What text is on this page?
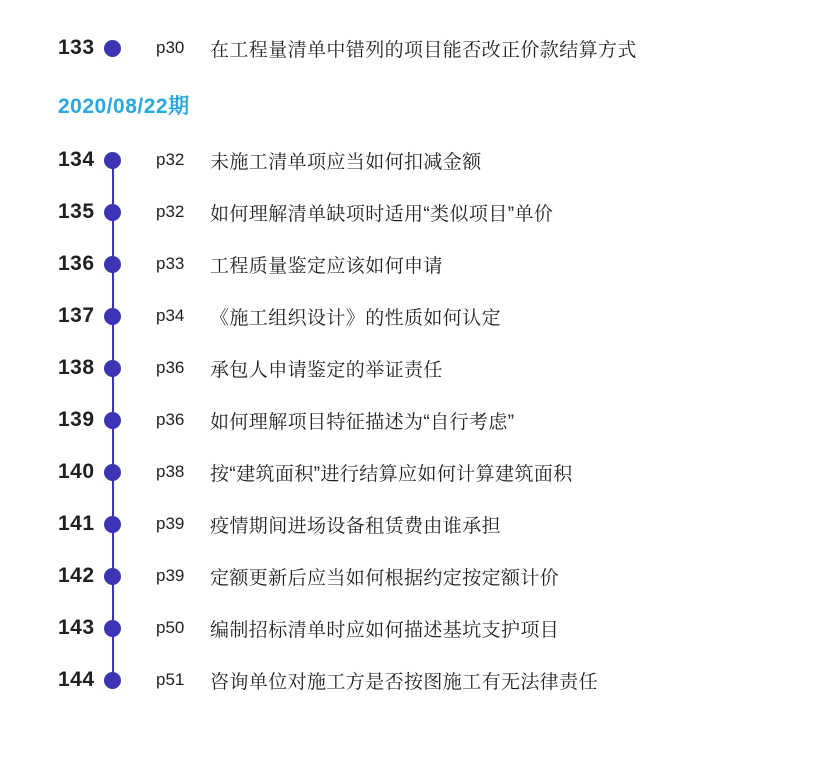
133	p30	在工程量清单中错列的项目能否改正价款结算方式
2020/08/22期
134	p32	未施工清单项应当如何扣减金额
135	p32	如何理解清单缺项时适用“类似项目”单价
136	p33	工程质量鉴定应该如何申请
137	p34	《施工组织设计》的性质如何认定
138	p36	承包人申请鉴定的举证责任
139	p36	如何理解项目特征描述为“自行考虑”
140	p38	按“建筑面积”进行结算应如何计算建筑面积
141	p39	疫情期间进场设备租赁费由谁承担
142	p39	定额更新后应当如何根据约定按定额计价
143	p50	编制招标清单时应如何描述基坑支护项目
144	p51	咨询单位对施工方是否按图施工有无法律责任
